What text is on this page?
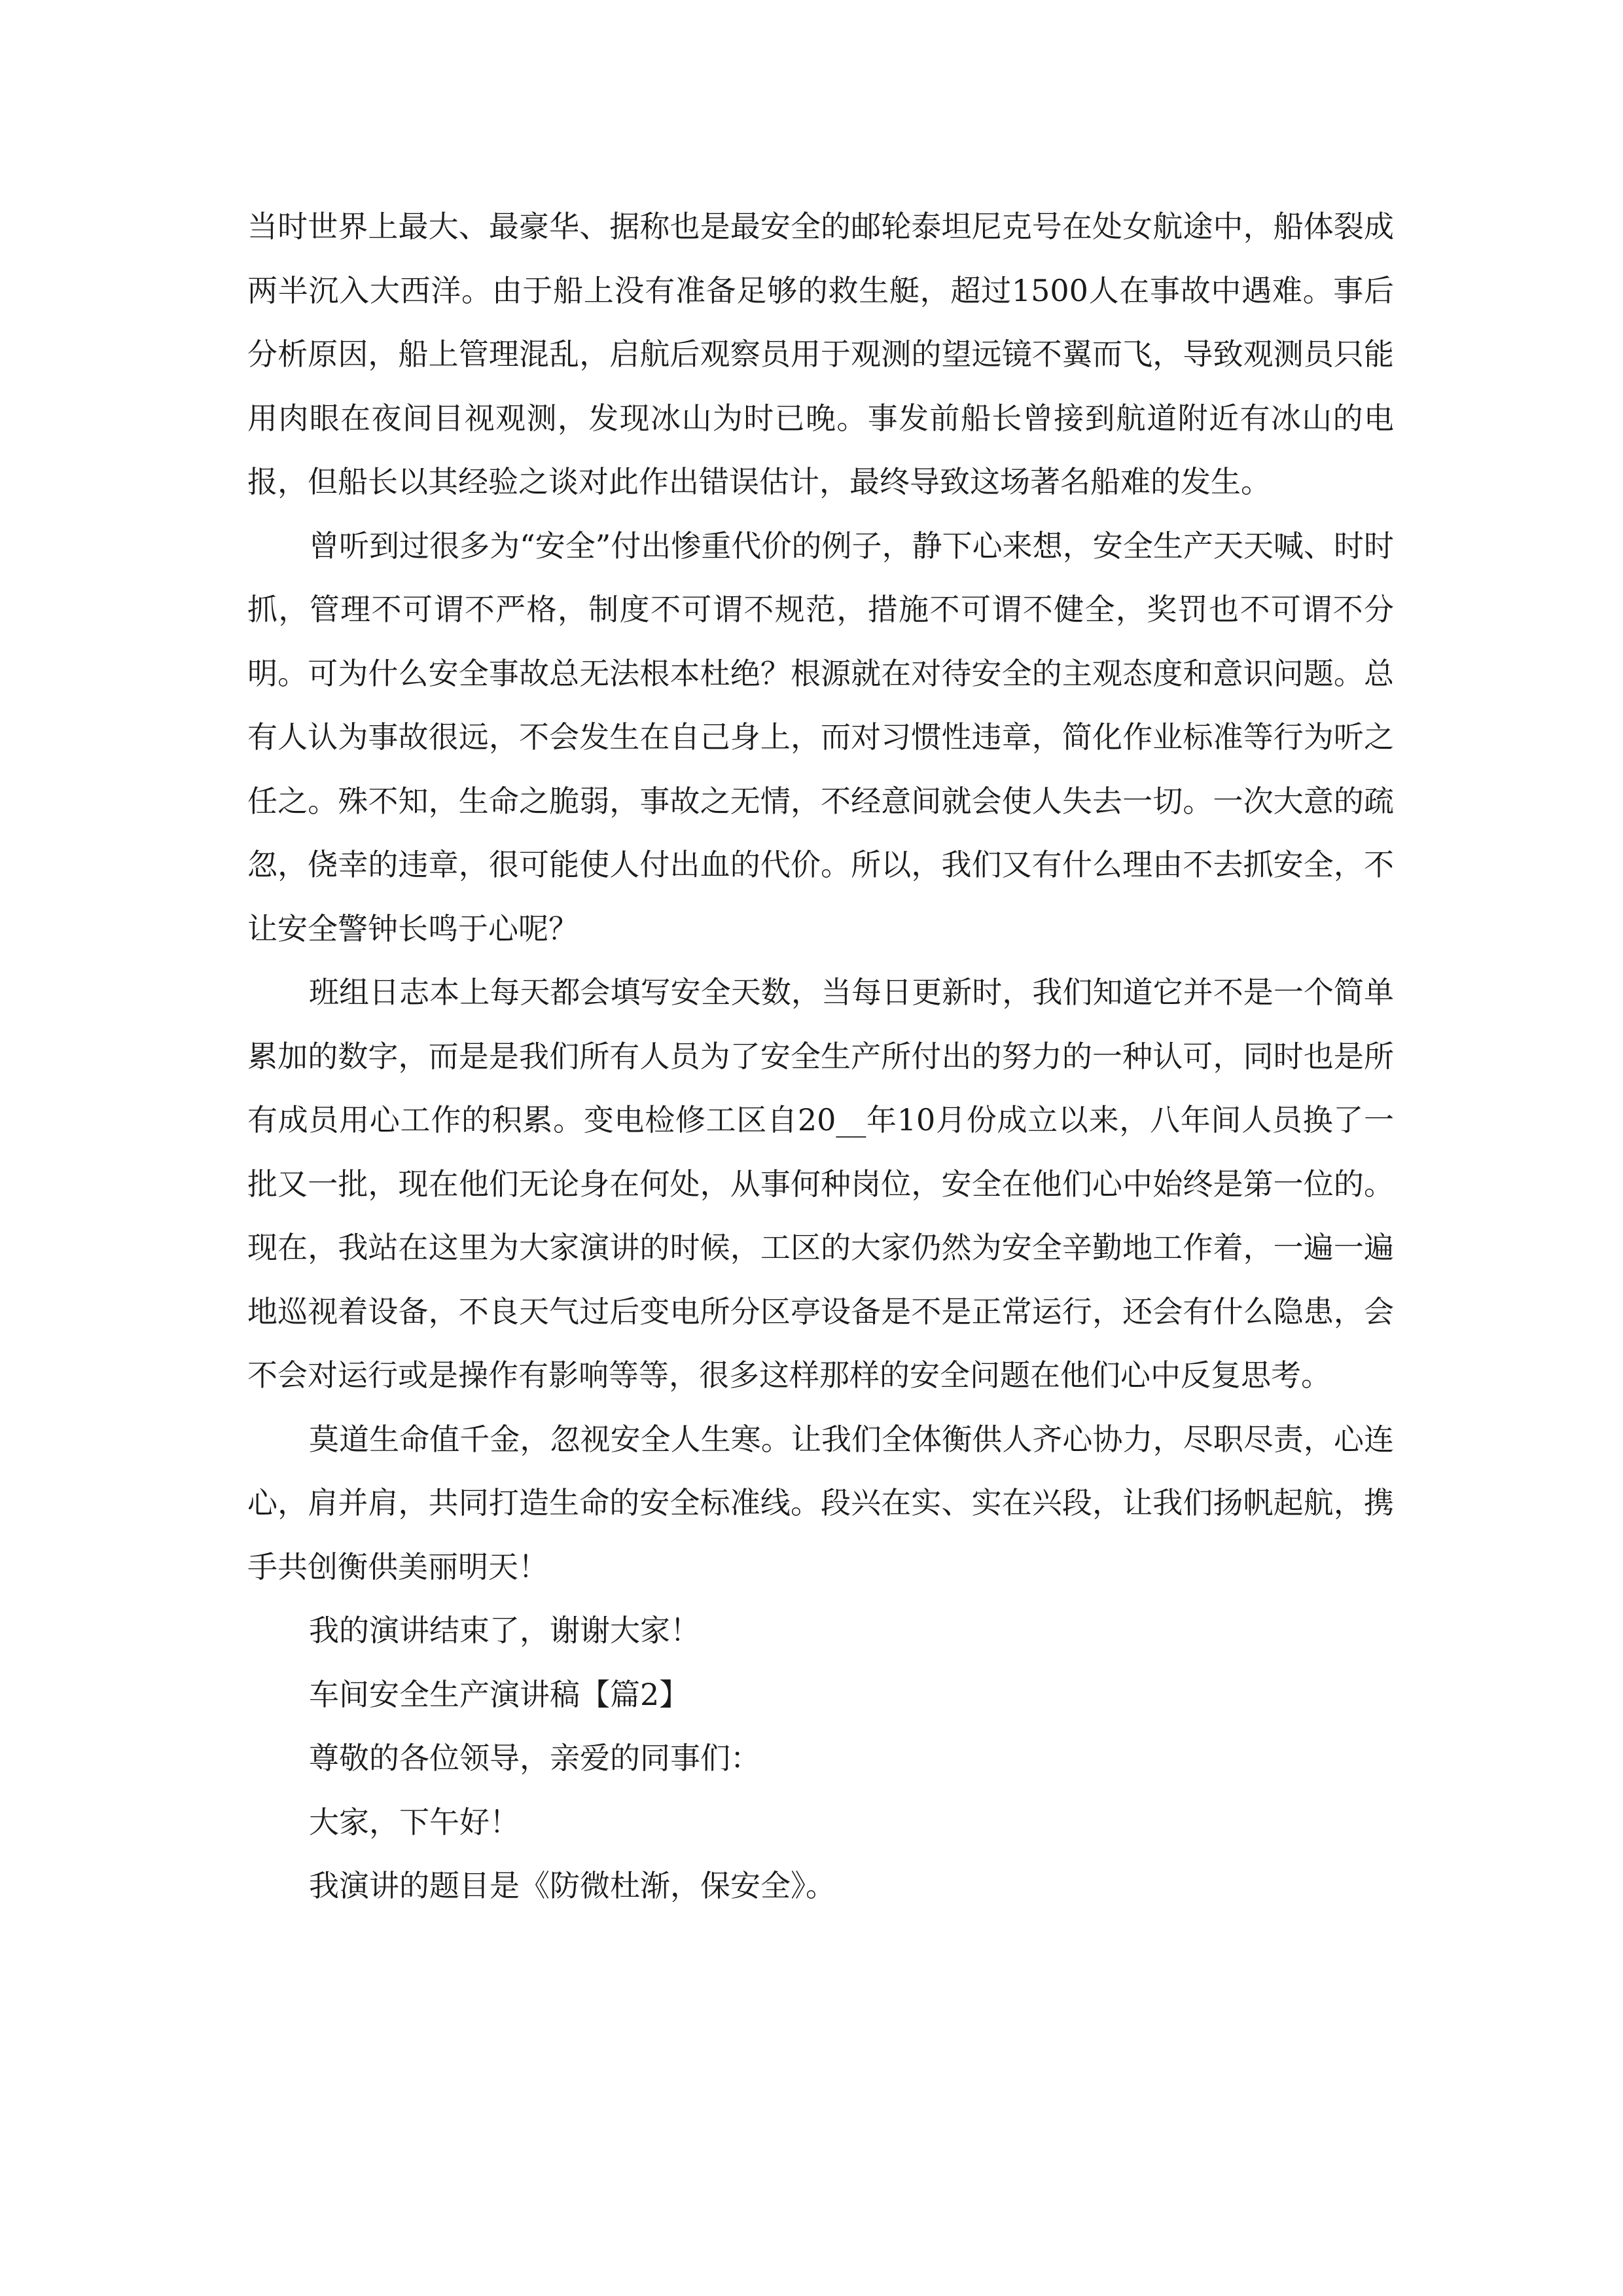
当时世界上最大、最豪华、据称也是最安全的邮轮泰坦尼克号在处女航途中，船体裂成两半沉入大西洋。由于船上没有准备足够的救生艇，超过1500人在事故中遇难。事后分析原因，船上管理混乱，启航后观察员用于观测的望远镜不翼而飞，导致观测员只能用肉眼在夜间目视观测，发现冰山为时已晚。事发前船长曾接到航道附近有冰山的电报，但船长以其经验之谈对此作出错误估计，最终导致这场著名船难的发生。

曾听到过很多为“安全”付出惨重代价的例子，静下心来想，安全生产天天喊、时时抓，管理不可谓不严格，制度不可谓不规范，措施不可谓不健全，奖罚也不可谓不分明。可为什么安全事故总无法根本杜绝？根源就在对待安全的主观态度和意识问题。总有人认为事故很远，不会发生在自己身上，而对习惯性违章，简化作业标准等行为听之任之。殊不知，生命之脆弱，事故之无情，不经意间就会使人失去一切。一次大意的疏忽，侥幸的违章，很可能使人付出血的代价。所以，我们又有什么理由不去抓安全，不让安全警钟长鸣于心呢？

班组日志本上每天都会填写安全天数，当每日更新时，我们知道它并不是一个简单累加的数字，而是是我们所有人员为了安全生产所付出的努力的一种认可，同时也是所有成员用心工作的积累。变电检修工区自20__年10月份成立以来，八年间人员换了一批又一批，现在他们无论身在何处，从事何种岗位，安全在他们心中始终是第一位的。现在，我站在这里为大家演讲的时候，工区的大家仍然为安全辛勤地工作着，一遍一遍地巡视着设备，不良天气过后变电所分区亭设备是不是正常运行，还会有什么隐患，会不会对运行或是操作有影响等等，很多这样那样的安全问题在他们心中反复思考。

莫道生命值千金，忽视安全人生寒。让我们全体衡供人齐心协力，尽职尽责，心连心，肩并肩，共同打造生命的安全标准线。段兴在实、实在兴段，让我们扬帆起航，携手共创衡供美丽明天！

我的演讲结束了，谢谢大家！

车间安全生产演讲稿【篇2】

尊敬的各位领导，亲爱的同事们：

大家，下午好！

我演讲的题目是《防微杜渐，保安全》。
